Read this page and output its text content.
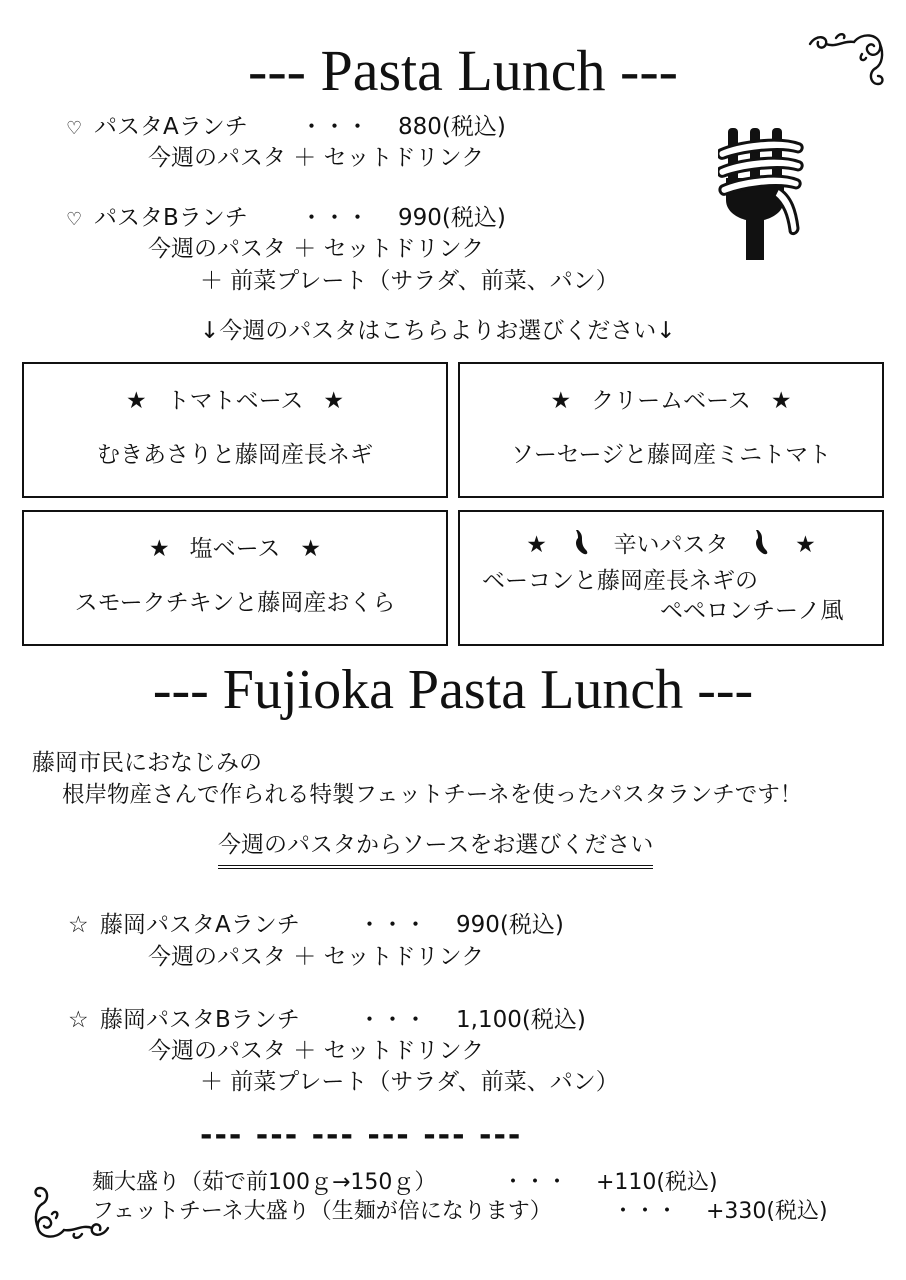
--- Pasta Lunch ---
♡ パスタAランチ	・・・	880(税込)
今週のパスタ ＋ セットドリンク
♡ パスタBランチ	・・・	990(税込)
今週のパスタ ＋ セットドリンク
＋ 前菜プレート（サラダ、前菜、パン）
↓今週のパスタはこちらよりお選びください↓
★ トマトベース ★
むきあさりと藤岡産長ネギ
★ クリームベース ★
ソーセージと藤岡産ミニトマト
★ 塩ベース ★
スモークチキンと藤岡産おくら
★	辛いパスタ	★
ベーコンと藤岡産長ネギの
ペペロンチーノ風
--- Fujioka Pasta Lunch ---
藤岡市民におなじみの
根岸物産さんで作られる特製フェットチーネを使ったパスタランチです！
今週のパスタからソースをお選びください
☆ 藤岡パスタAランチ	・・・	990(税込)
今週のパスタ ＋ セットドリンク
☆ 藤岡パスタBランチ	・・・	1,100(税込)
今週のパスタ ＋ セットドリンク
＋ 前菜プレート（サラダ、前菜、パン）
--- --- --- --- --- ---
麺大盛り（茹で前100ｇ→150ｇ）	・・・	+110(税込)
フェットチーネ大盛り（生麺が倍になります）	・・・	+330(税込)
